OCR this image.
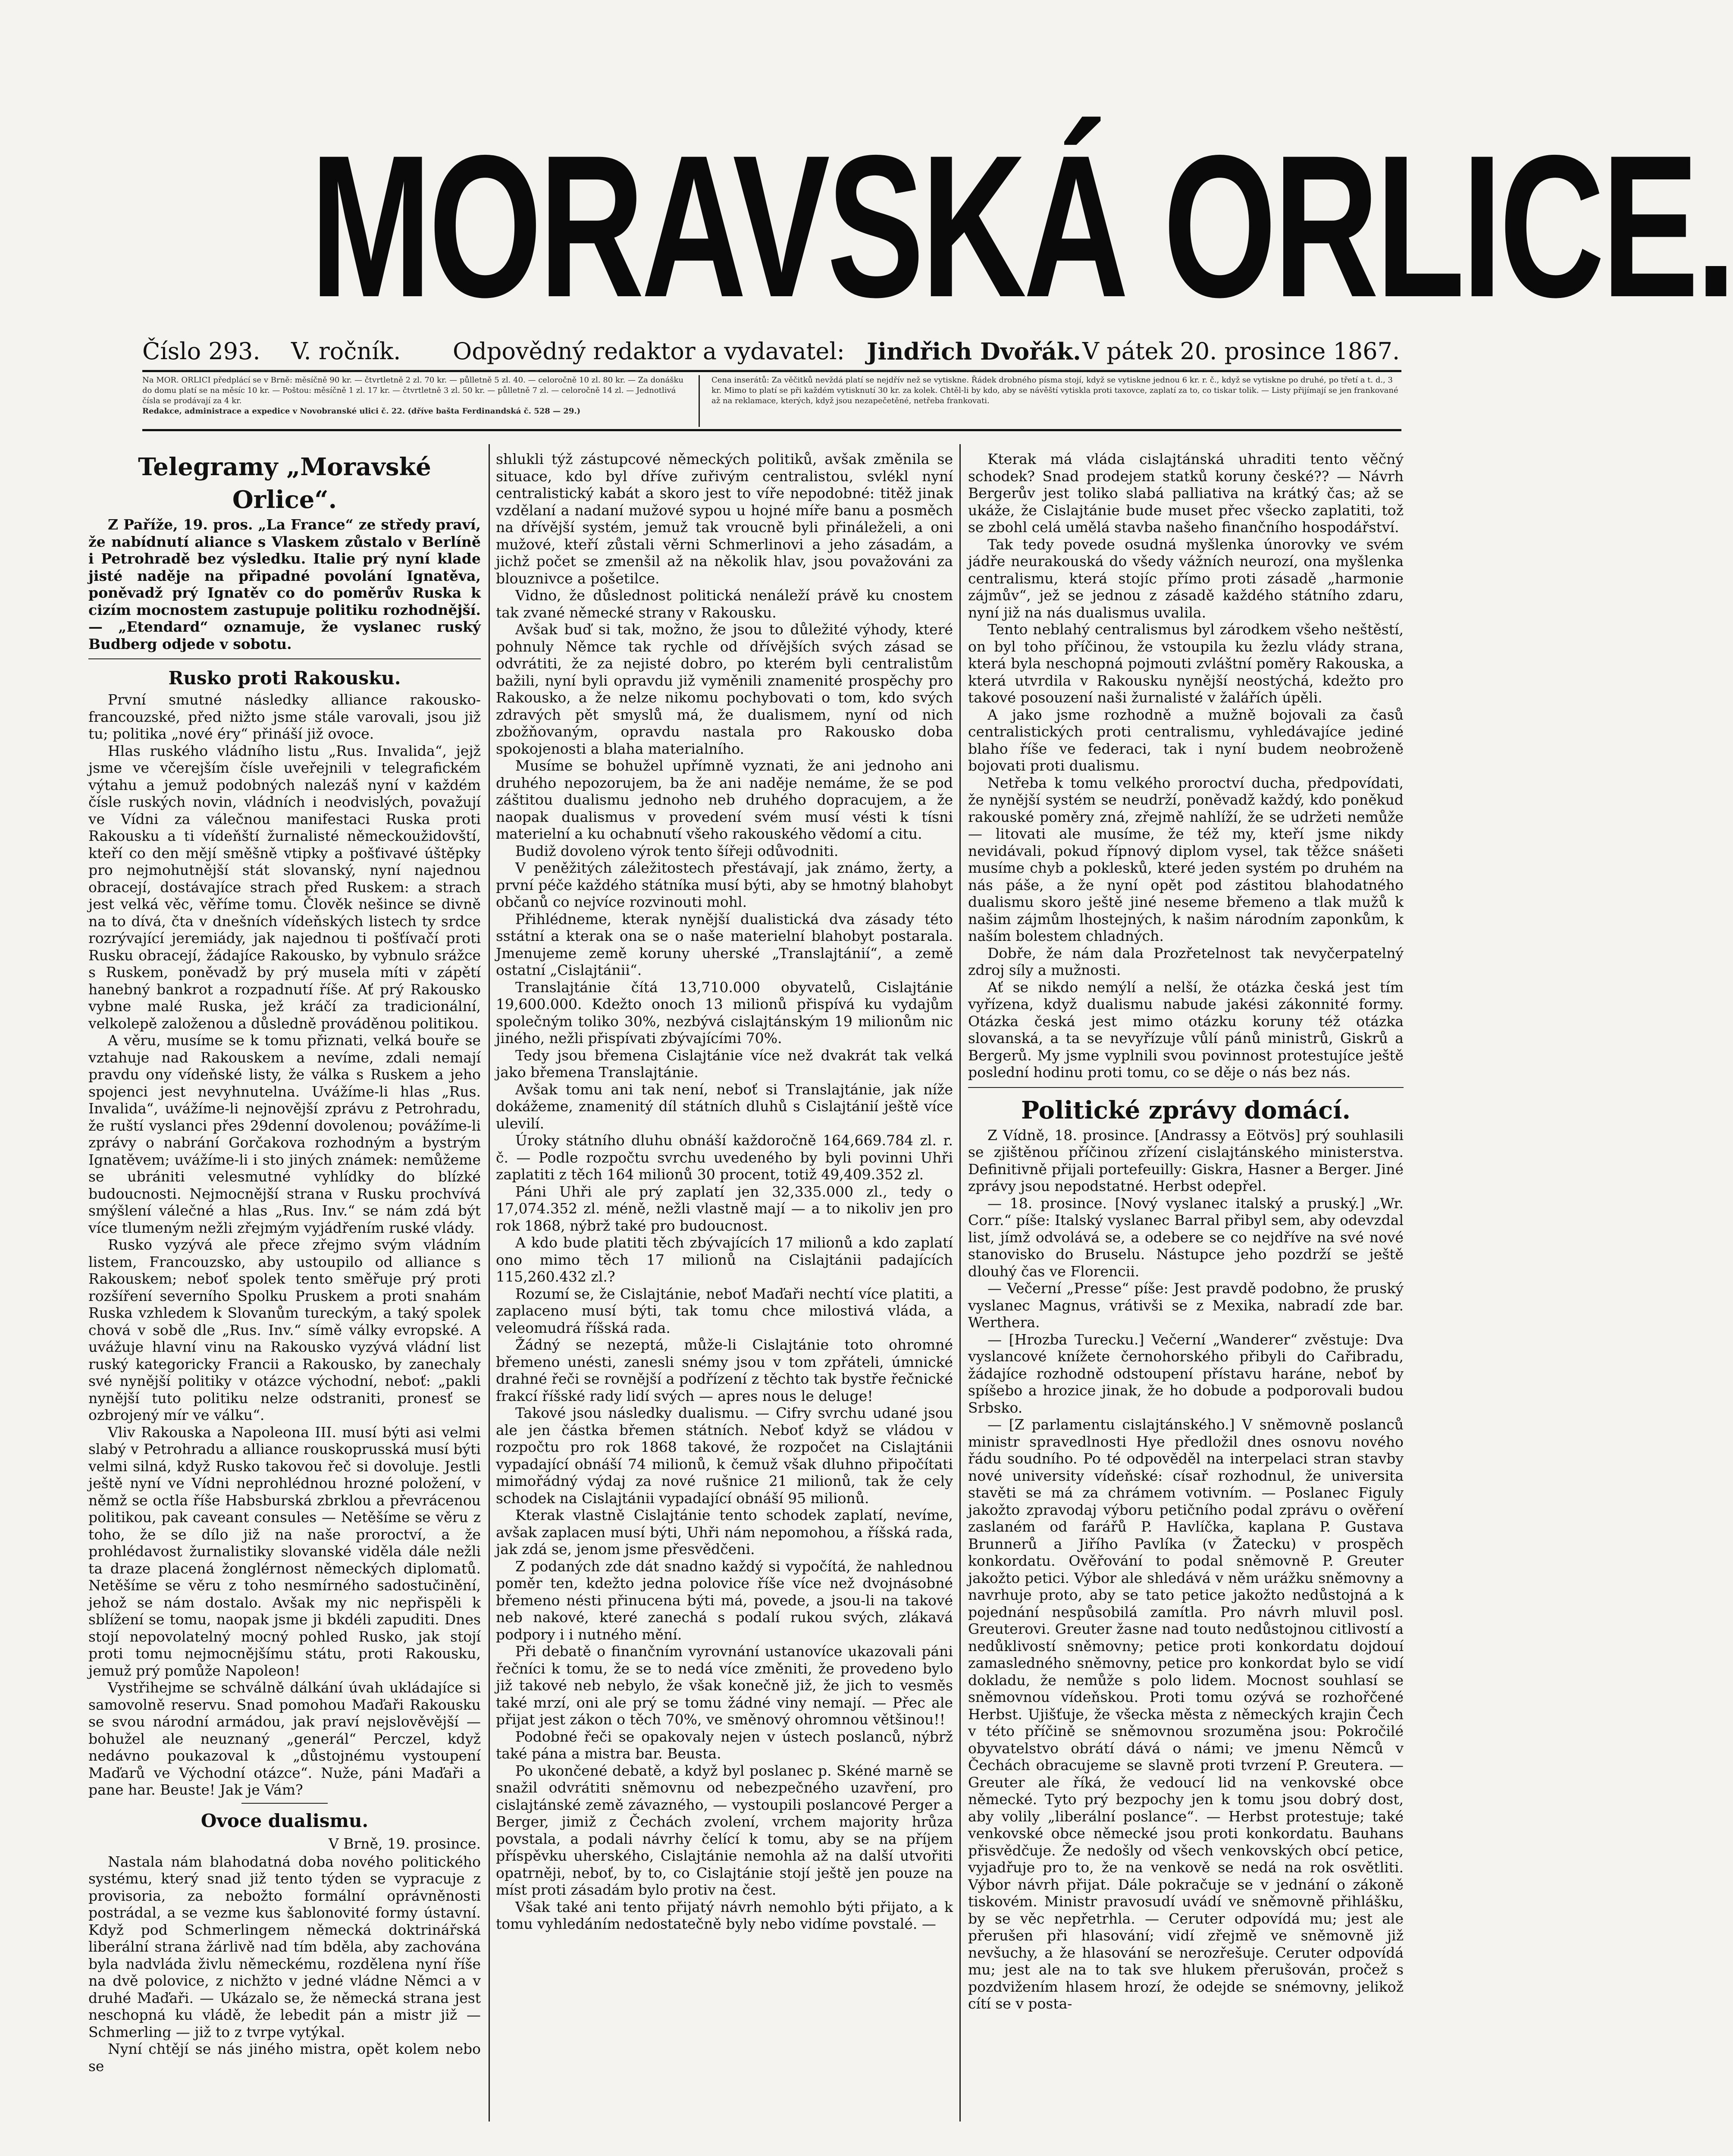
MORAVSKÁ ORLICE.
Číslo 293. V. ročník. Odpovědný redaktor a vydavatel: Jindřich Dvořák. V pátek 20. prosince 1867.
Na MOR. ORLICI předplácí se v Brně: měsíčně 90 kr. — čtvrtletně 2 zl. 70 kr. — půlletně 5 zl. 40. — celoročně 10 zl. 80 kr. — Za donášku do domu platí se na měsíc 10 kr. — Poštou: měsíčně 1 zl. 17 kr. — čtvrtletně 3 zl. 50 kr. — půlletně 7 zl. — celoročně 14 zl. — Jednotlivá čísla se prodávají za 4 kr.
Redakce, administrace a expedice v Novobranské ulici č. 22. (dříve bašta Ferdinandská č. 528 — 29.)
Cena inserátů: Za věčitků nevždá platí se nejdřív než se vytiskne. Řádek drobného písma stojí, když se vytiskne jednou 6 kr. r. č., když se vytiskne po druhé, po třetí a t. d., 3 kr. Mimo to platí se při každém vytisknutí 30 kr. za kolek. Chtěl-li by kdo, aby se návěští vytiskla proti taxovce, zaplatí za to, co tiskar tolik. — Listy přijímají se jen frankované až na reklamace, kterých, když jsou nezapečetěné, netřeba frankovati.
Telegramy „Moravské Orlice“.

Z Paříže, 19. pros. „La France“ ze středy praví, že nabídnutí aliance s Vlaskem zůstalo v Berlíně i Petrohradě bez výsledku. Italie prý nyní klade jisté naděje na připadné povolání Ignatěva, poněvadž prý Ignatěv co do poměrův Ruska k cizím mocnostem zastupuje politiku rozhodnější. — „Etendard“ oznamuje, že vyslanec ruský Budberg odjede v sobotu.

Rusko proti Rakousku.

První smutné následky alliance rakousko-francouzské, před nižto jsme stále varovali, jsou již tu; politika „nové éry“ přináší již ovoce.

Hlas ruského vládního listu „Rus. Invalida“, jejž jsme ve včerejším čísle uveřejnili v telegrafickém výtahu a jemuž podobných nalezáš nyní v každém čísle ruských novin, vládních i neodvislých, považují ve Vídni za válečnou manifestaci Ruska proti Rakousku a ti vídeňští žurnalisté německoužidovští, kteří co den mějí směšně vtipky a pošťivavé úštěpky pro nejmohutnější stát slovanský, nyní najednou obracejí, dostávajíce strach před Ruskem: a strach jest velká věc, věříme tomu. Člověk nešince se divně na to dívá, čta v dnešních vídeňských listech ty srdce rozrývající jeremiády, jak najednou ti pošťívačí proti Rusku obracejí, žádajíce Rakousko, by vybnulo srážce s Ruskem, poněvadž by prý musela míti v zápětí hanebný bankrot a rozpadnutí říše. Ať prý Rakousko vybne malé Ruska, jež kráčí za tradicionální, velkolepě založenou a důsledně prováděnou politikou.

A věru, musíme se k tomu přiznati, velká bouře se vztahuje nad Rakouskem a nevíme, zdali nemají pravdu ony vídeňské listy, že válka s Ruskem a jeho spojenci jest nevyhnutelna. Uvážíme-li hlas „Rus. Invalida“, uvážíme-li nejnovější zprávu z Petrohradu, že ruští vyslanci přes 29denní dovolenou; povážíme-li zprávy o nabrání Gorčakova rozhodným a bystrým Ignatěvem; uvážíme-li i sto jiných známek: nemůžeme se ubrániti velesmutné vyhlídky do blízké budoucnosti. Nejmocnější strana v Rusku prochvívá smýšlení válečné a hlas „Rus. Inv.“ se nám zdá být více tlumeným nežli zřejmým vyjádřením ruské vlády.

Rusko vyzývá ale přece zřejmo svým vládním listem, Francouzsko, aby ustoupilo od alliance s Rakouskem; neboť spolek tento směřuje prý proti rozšíření severního Spolku Pruskem a proti snahám Ruska vzhledem k Slovanům tureckým, a taký spolek chová v sobě dle „Rus. Inv.“ símě války evropské. A uvážuje hlavní vinu na Rakousko vyzývá vládní list ruský kategoricky Francii a Rakousko, by zanechaly své nynější politiky v otázce východní, neboť: „pakli nynější tuto politiku nelze odstraniti, pronesť se ozbrojený mír ve válku“.

Vliv Rakouska a Napoleona III. musí býti asi velmi slabý v Petrohradu a alliance rouskoprusská musí býti velmi silná, když Rusko takovou řeč si dovoluje. Jestli ještě nyní ve Vídni neprohlédnou hrozné položení, v němž se octla říše Habsburská zbrklou a převrácenou politikou, pak caveant consules — Netěšíme se věru z toho, že se dílo již na naše proroctví, a že prohlédavost žurnalistiky slovanské viděla dále nežli ta draze placená žonglérnost německých diplomatů. Netěšíme se věru z toho nesmírného sadostučinění, jehož se nám dostalo. Avšak my nic nepřispěli k sblížení se tomu, naopak jsme ji bkdéli zapuditi. Dnes stojí nepovolatelný mocný pohled Rusko, jak stojí proti tomu nejmocnějšímu státu, proti Rakousku, jemuž prý pomůže Napoleon!

Vystřihejme se schválně dálkání úvah ukládajíce si samovolně reservu. Snad pomohou Maďaři Rakousku se svou národní armádou, jak praví nejslověvější — bohužel ale neuznaný „generál“ Perczel, když nedávno poukazoval k „důstojnému vystoupení Maďarů ve Východní otázce“. Nuže, páni Maďaři a pane har. Beuste! Jak je Vám?

Ovoce dualismu.
V Brně, 19. prosince.

Nastala nám blahodatná doba nového politického systému, který snad již tento týden se vypracuje z provisoria, za nebožto formální oprávněnosti postrádal, a se vezme kus šablonovité formy ústavní. Když pod Schmerlingem německá doktrinářská liberální strana žárlivě nad tím bděla, aby zachována byla nadvláda živlu německému, rozdělena nyní říše na dvě polovice, z nichžto v jedné vládne Němci a v druhé Maďaři. — Ukázalo se, že německá strana jest neschopná ku vládě, že lebedit pán a mistr již — Schmerling — již to z tvrpe vytýkal.

Nyní chtějí se nás jiného mistra, opět kolem nebo se

shlukli týž zástupcové německých politiků, avšak změnila se situace, kdo byl dříve zuřivým centralistou, svlékl nyní centralistický kabát a skoro jest to víře nepodobné: titěž jinak vzdělaní a nadaní mužové sypou u hojné míře banu a posměch na dřívější systém, jemuž tak vroucně byli přináleželi, a oni mužové, kteří zůstali věrni Schmerlinovi a jeho zásadám, a jichž počet se zmenšil až na několik hlav, jsou považováni za blouznivce a pošetilce.

Vidno, že důslednost politická nenáleží právě ku cnostem tak zvané německé strany v Rakousku.

Avšak buď si tak, možno, že jsou to důležité výhody, které pohnuly Němce tak rychle od dřívějších svých zásad se odvrátiti, že za nejisté dobro, po kterém byli centralistům bažili, nyní byli opravdu již vyměnili znamenité prospěchy pro Rakousko, a že nelze nikomu pochybovati o tom, kdo svých zdravých pět smyslů má, že dualismem, nyní od nich zbožňovaným, opravdu nastala pro Rakousko doba spokojenosti a blaha materialního.

Musíme se bohužel upřímně vyznati, že ani jednoho ani druhého nepozorujem, ba že ani naděje nemáme, že se pod záštitou dualismu jednoho neb druhého dopracujem, a že naopak dualismus v provedení svém musí vésti k tísni materielní a ku ochabnutí všeho rakouského vědomí a citu.

Budiž dovoleno výrok tento šířeji odůvodniti.

V peněžitých záležitostech přestávají, jak známo, žerty, a první péče každého státníka musí býti, aby se hmotný blahobyt občanů co nejvíce rozvinouti mohl.

Přihlédneme, kterak nynější dualistická dva zásady této sstátní a kterak ona se o naše materielní blahobyt postarala. Jmenujeme země koruny uherské „Translajtánií“, a země ostatní „Cislajtánii“.

Translajtánie čítá 13,710.000 obyvatelů, Cislajtánie 19,600.000. Kdežto onoch 13 milionů přispívá ku vydajům společným toliko 30%, nezbývá cislajtánským 19 milionům nic jiného, nežli přispívati zbývajícími 70%.

Tedy jsou břemena Cislajtánie více než dvakrát tak velká jako břemena Translajtánie.

Avšak tomu ani tak není, neboť si Translajtánie, jak níže dokážeme, znamenitý díl státních dluhů s Cislajtánií ještě více ulevilí.

Úroky státního dluhu obnáší každoročně 164,669.784 zl. r. č. — Podle rozpočtu svrchu uvedeného by byli povinni Uhři zaplatiti z těch 164 milionů 30 procent, totiž 49,409.352 zl.

Páni Uhři ale prý zaplatí jen 32,335.000 zl., tedy o 17,074.352 zl. méně, nežli vlastně mají — a to nikoliv jen pro rok 1868, nýbrž také pro budoucnost.

A kdo bude platiti těch zbývajících 17 milionů a kdo zaplatí ono mimo těch 17 milionů na Cislajtánii padajících 115,260.432 zl.?

Rozumí se, že Cislajtánie, neboť Maďaři nechtí více platiti, a zaplaceno musí býti, tak tomu chce milostivá vláda, a veleomudrá říšská rada.

Žádný se nezeptá, může-li Cislajtánie toto ohromné břemeno unésti, zanesli snémy jsou v tom zpřáteli, úmnické drahné řeči se rovnější a podřízení z těchto tak bystře řečnické frakcí říšské rady lidí svých — apres nous le deluge!

Takové jsou následky dualismu. — Cifry svrchu udané jsou ale jen částka břemen státních. Neboť když se vládou v rozpočtu pro rok 1868 takové, že rozpočet na Cislajtánii vypadající obnáší 74 milionů, k čemuž však dluhno připočítati mimořádný výdaj za nové rušnice 21 milionů, tak že cely schodek na Cislajtánii vypadající obnáší 95 milionů.

Kterak vlastně Cislajtánie tento schodek zaplatí, nevíme, avšak zaplacen musí býti, Uhři nám nepomohou, a říšská rada, jak zdá se, jenom jsme přesvědčeni.

Z podaných zde dát snadno každý si vypočítá, že nahlednou poměr ten, kdežto jedna polovice říše více než dvojnásobné břemeno nésti přinucena býti má, povede, a jsou-li na takové neb nakové, které zanechá s podalí rukou svých, zlákavá podpory i i nutného mění.

Při debatě o finančním vyrovnání ustanovíce ukazovali páni řečníci k tomu, že se to nedá více změniti, že provedeno bylo již takové neb nebylo, že však konečně již, že jich to vesměs také mrzí, oni ale prý se tomu žádné viny nemají. — Přec ale přijat jest zákon o těch 70%, ve směnový ohromnou většinou!!

Podobné řeči se opakovaly nejen v ústech poslanců, nýbrž také pána a mistra bar. Beusta.

Po ukončené debatě, a když byl poslanec p. Skéné marně se snažil odvrátiti sněmovnu od nebezpečného uzavření, pro cislajtánské země závazného, — vystoupili poslancové Perger a Berger, jimiž z Čechách zvolení, vrchem majority hrůza povstala, a podali návrhy čelící k tomu, aby se na příjem příspěvku uherského, Cislajtánie nemohla až na další utvořiti opatrněji, neboť, by to, co Cislajtánie stojí ještě jen pouze na míst proti zásadám bylo protiv na čest.

Však také ani tento přijatý návrh nemohlo býti přijato, a k tomu vyhledáním nedostatečně byly nebo vidíme povstalé. —

Kterak má vláda cislajtánská uhraditi tento věčný schodek? Snad prodejem statků koruny české?? — Návrh Bergerův jest toliko slabá palliativa na krátký čas; až se ukáže, že Cislajtánie bude muset přec všecko zaplatiti, tož se zbohl celá umělá stavba našeho finančního hospodářství.

Tak tedy povede osudná myšlenka únorovky ve svém jádře neurakouská do všedy vážních neurozí, ona myšlenka centralismu, která stojíc přímo proti zásadě „harmonie zájmův“, jež se jednou z zásadě každého státního zdaru, nyní již na nás dualismus uvalila.

Tento neblahý centralismus byl zárodkem všeho neštěstí, on byl toho příčinou, že vstoupila ku žezlu vlády strana, která byla neschopná pojmouti zvláštní poměry Rakouska, a která utvrdila v Rakousku nynější neostýchá, kdežto pro takové posouzení naši žurnalisté v žalářích úpěli.

A jako jsme rozhodně a mužně bojovali za časů centralistických proti centralismu, vyhledávajíce jediné blaho říše ve federaci, tak i nyní budem neobroženě bojovati proti dualismu.

Netřeba k tomu velkého proroctví ducha, předpovídati, že nynější systém se neudrží, poněvadž každý, kdo poněkud rakouské poměry zná, zřejmě nahlíží, že se udržeti nemůže — litovati ale musíme, že též my, kteří jsme nikdy nevidávali, pokud řípnový diplom vysel, tak těžce snášeti musíme chyb a poklesků, které jeden systém po druhém na nás páše, a že nyní opět pod zástitou blahodatného dualismu skoro ještě jiné neseme břemeno a tlak mužů k našim zájmům lhostejných, k našim národním zaponkům, k naším bolestem chladných.

Dobře, že nám dala Prozřetelnost tak nevyčerpatelný zdroj síly a mužnosti.

Ať se nikdo nemýlí a nelší, že otázka česká jest tím vyřízena, když dualismu nabude jakési zákonnité formy. Otázka česká jest mimo otázku koruny též otázka slovanská, a ta se nevyřízuje vůlí pánů ministrů, Giskrů a Bergerů. My jsme vyplnili svou povinnost protestujíce ještě poslední hodinu proti tomu, co se děje o nás bez nás.

Politické zprávy domácí.

Z Vídně, 18. prosince. [Andrassy a Eötvös] prý souhlasili se zjištěnou příčinou zřízení cislajtánského ministerstva. Definitivně přijali portefeuilly: Giskra, Hasner a Berger. Jiné zprávy jsou nepodstatné. Herbst odepřel.

— 18. prosince. [Nový vyslanec italský a pruský.] „Wr. Corr.“ píše: Italský vyslanec Barral přibyl sem, aby odevzdal list, jímž odvolává se, a odebere se co nejdříve na své nové stanovisko do Bruselu. Nástupce jeho pozdrží se ještě dlouhý čas ve Florencii.

— Večerní „Presse“ píše: Jest pravdě podobno, že pruský vyslanec Magnus, vrátivši se z Mexika, nabradí zde bar. Werthera.

— [Hrozba Turecku.] Večerní „Wanderer“ zvěstuje: Dva vyslancové knížete černohorského přibyli do Cařibradu, žádajíce rozhodně odstoupení přístavu haráne, neboť by spíšebo a hrozice jinak, že ho dobude a podporovali budou Srbsko.

— [Z parlamentu cislajtánského.] V sněmovně poslanců ministr spravedlnosti Hye předložil dnes osnovu nového řádu soudního. Po té odpověděl na interpelaci stran stavby nové university vídeňské: císař rozhodnul, že universita stavěti se má za chrámem votivním. — Poslanec Figuly jakožto zpravodaj výboru petičního podal zprávu o ověření zaslaném od farářů P. Havlíčka, kaplana P. Gustava Brunnerů a Jiřího Pavlíka (v Žatecku) v prospěch konkordatu. Ověřování to podal sněmovně P. Greuter jakožto petici. Výbor ale shledává v něm urážku sněmovny a navrhuje proto, aby se tato petice jakožto nedůstojná a k pojednání nespůsobilá zamítla. Pro návrh mluvil posl. Greuterovi. Greuter žasne nad touto nedůstojnou citlivostí a nedůklivostí sněmovny; petice proti konkordatu dojdouí zamasledného sněmovny, petice pro konkordat bylo se vidí dokladu, že nemůže s polo lidem. Mocnost souhlasí se sněmovnou vídeňskou. Proti tomu ozývá se rozhořčené Herbst. Ujišťuje, že všecka města z německých krajin Čech v této příčině se sněmovnou srozuměna jsou: Pokročilé obyvatelstvo obrátí dává o námi; ve jmenu Němců v Čechách obracujeme se slavně proti tvrzení P. Greutera. — Greuter ale říká, že vedoucí lid na venkovské obce německé. Tyto prý bezpochy jen k tomu jsou dobrý dost, aby volily „liberální poslance“. — Herbst protestuje; také venkovské obce německé jsou proti konkordatu. Bauhans přisvědčuje. Že nedošly od všech venkovských obcí petice, vyjadřuje pro to, že na venkově se nedá na rok osvětliti. Výbor návrh přijat. Dále pokračuje se v jednání o zákoně tiskovém. Ministr pravosudí uvádí ve sněmovně přihlášku, by se věc nepřetrhla. — Ceruter odpovídá mu; jest ale přerušen při hlasování; vidí zřejmě ve sněmovně již nevšuchy, a že hlasování se nerozřešuje. Ceruter odpovídá mu; jest ale na to tak sve hlukem přerušován, pročež s pozdvižením hlasem hrozí, že odejde se snémovny, jelikož cítí se v posta-
